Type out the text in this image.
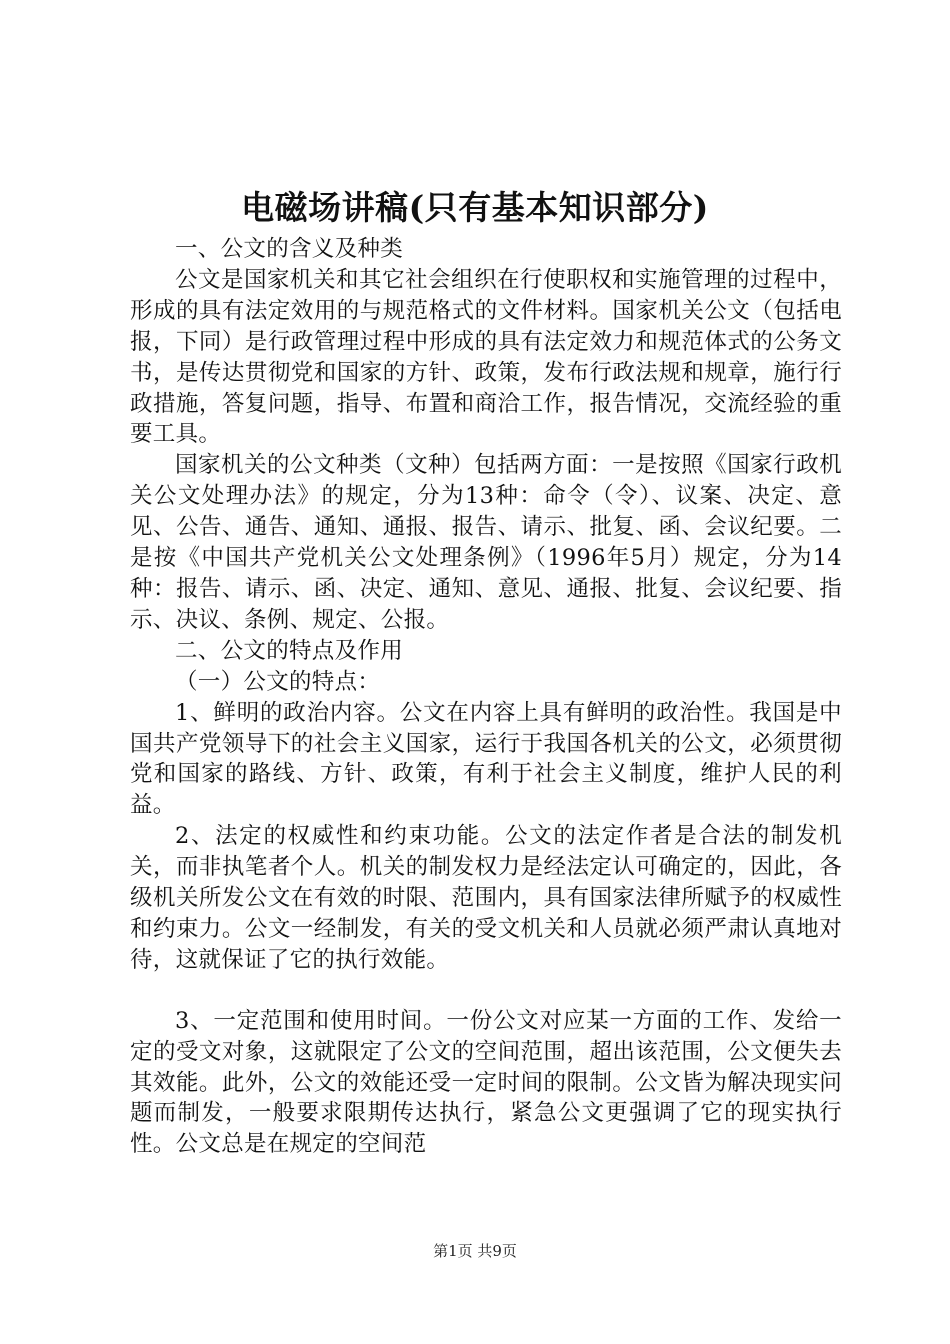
电磁场讲稿(只有基本知识部分)

一、公文的含义及种类

公文是国家机关和其它社会组织在行使职权和实施管理的过程中，形成的具有法定效用的与规范格式的文件材料。国家机关公文（包括电报，下同）是行政管理过程中形成的具有法定效力和规范体式的公务文书，是传达贯彻党和国家的方针、政策，发布行政法规和规章，施行行政措施，答复问题，指导、布置和商洽工作，报告情况，交流经验的重要工具。

国家机关的公文种类（文种）包括两方面：一是按照《国家行政机关公文处理办法》的规定，分为13种：命令（令）、议案、决定、意见、公告、通告、通知、通报、报告、请示、批复、函、会议纪要。二是按《中国共产党机关公文处理条例》（1996年5月）规定，分为14种：报告、请示、函、决定、通知、意见、通报、批复、会议纪要、指示、决议、条例、规定、公报。

二、公文的特点及作用

（一）公文的特点：

1、鲜明的政治内容。公文在内容上具有鲜明的政治性。我国是中国共产党领导下的社会主义国家，运行于我国各机关的公文，必须贯彻党和国家的路线、方针、政策，有利于社会主义制度，维护人民的利益。

2、法定的权威性和约束功能。公文的法定作者是合法的制发机关，而非执笔者个人。机关的制发权力是经法定认可确定的，因此，各级机关所发公文在有效的时限、范围内，具有国家法律所赋予的权威性和约束力。公文一经制发，有关的受文机关和人员就必须严肃认真地对待，这就保证了它的执行效能。

3、一定范围和使用时间。一份公文对应某一方面的工作、发给一定的受文对象，这就限定了公文的空间范围，超出该范围，公文便失去其效能。此外，公文的效能还受一定时间的限制。公文皆为解决现实问题而制发，一般要求限期传达执行，紧急公文更强调了它的现实执行性。公文总是在规定的空间范

第1页 共9页
